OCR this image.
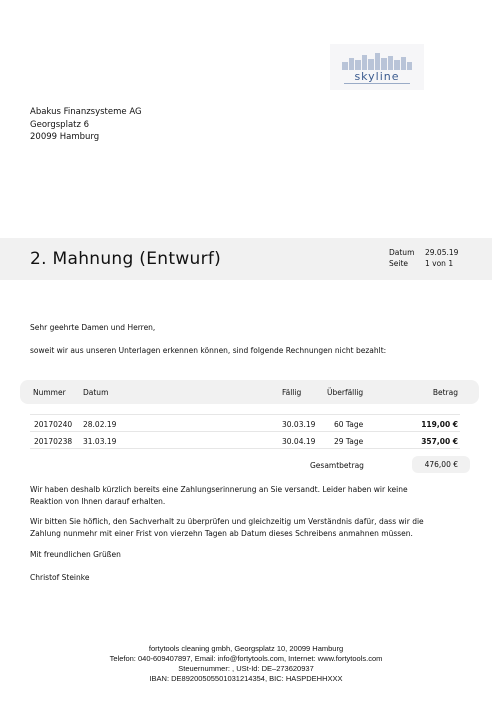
skyline
Abakus Finanzsysteme AG
Georgsplatz 6
20099 Hamburg
2. Mahnung (Entwurf)	Datum	29.05.19
Seite	1 von 1
Sehr geehrte Damen und Herren,
soweit wir aus unseren Unterlagen erkennen können, sind folgende Rechnungen nicht bezahlt:
Nummer Datum	Fällig	Überfällig	Betrag
20170240 28.02.19	30.03.19 60 Tage	119,00 €
20170238 31.03.19	30.04.19 29 Tage	357,00 €
Gesamtbetrag	476,00 €
Wir haben deshalb kürzlich bereits eine Zahlungserinnerung an Sie versandt. Leider haben wir keine
Reaktion von Ihnen darauf erhalten.
Wir bitten Sie höflich, den Sachverhalt zu überprüfen und gleichzeitig um Verständnis dafür, dass wir die
Zahlung nunmehr mit einer Frist von vierzehn Tagen ab Datum dieses Schreibens anmahnen müssen.
Mit freundlichen Grüßen
Christof Steinke
fortytools cleaning gmbh, Georgsplatz 10, 20099 Hamburg
Telefon: 040-609407897, Email: info@fortytools.com, Internet: www.fortytools.com
Steuernummer: , USt-Id: DE–273620937
IBAN: DE89200505501031214354, BIC: HASPDEHHXXX
